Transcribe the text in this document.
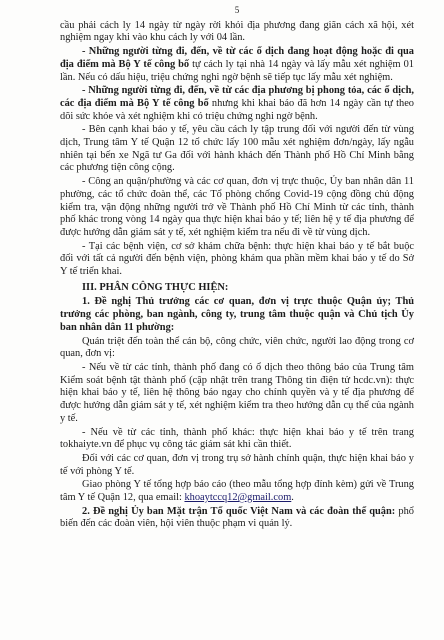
5

cầu phải cách ly 14 ngày từ ngày rời khỏi địa phương đang giãn cách xã hội, xét nghiệm ngay khi vào khu cách ly với 04 lần.

- Những người từng đi, đến, về từ các ổ dịch đang hoạt động hoặc đi qua địa điểm mà Bộ Y tế công bố tự cách ly tại nhà 14 ngày và lấy mẫu xét nghiệm 01 lần. Nếu có dấu hiệu, triệu chứng nghi ngờ bệnh sẽ tiếp tục lấy mẫu xét nghiệm.

- Những người từng đi, đến, về từ các địa phương bị phong tỏa, các ổ dịch, các địa điểm mà Bộ Y tế công bố nhưng khi khai báo đã hơn 14 ngày cần tự theo dõi sức khỏe và xét nghiệm khi có triệu chứng nghi ngờ bệnh.

- Bên cạnh khai báo y tế, yêu cầu cách ly tập trung đối với người đến từ vùng dịch, Trung tâm Y tế Quận 12 tổ chức lấy 100 mẫu xét nghiệm đơn/ngày, lấy ngẫu nhiên tại bến xe Ngã tư Ga đối với hành khách đến Thành phố Hồ Chí Minh bằng các phương tiện công cộng.

- Công an quận/phường và các cơ quan, đơn vị trực thuộc, Ủy ban nhân dân 11 phường, các tổ chức đoàn thể, các Tổ phòng chống Covid-19 cộng đồng chủ động kiểm tra, vận động những người trở về Thành phố Hồ Chí Minh từ các tỉnh, thành phố khác trong vòng 14 ngày qua thực hiện khai báo y tế; liên hệ y tế địa phương để được hướng dẫn giám sát y tế, xét nghiệm kiểm tra nếu đi về từ vùng dịch.

- Tại các bệnh viện, cơ sở khám chữa bệnh: thực hiện khai báo y tế bắt buộc đối với tất cả người đến bệnh viện, phòng khám qua phần mềm khai báo y tế do Sở Y tế triển khai.

III. PHÂN CÔNG THỰC HIỆN:

1. Đề nghị Thủ trưởng các cơ quan, đơn vị trực thuộc Quận ủy; Thủ trưởng các phòng, ban ngành, công ty, trung tâm thuộc quận và Chủ tịch Ủy ban nhân dân 11 phường:

Quán triệt đến toàn thể cán bộ, công chức, viên chức, người lao động trong cơ quan, đơn vị:

- Nếu về từ các tỉnh, thành phố đang có ổ dịch theo thông báo của Trung tâm Kiểm soát bệnh tật thành phố (cập nhật trên trang Thông tin điện tử hcdc.vn): thực hiện khai báo y tế, liên hệ thông báo ngay cho chính quyền và y tế địa phương để được hướng dẫn giám sát y tế, xét nghiệm kiểm tra theo hướng dẫn cụ thể của ngành y tế.

- Nếu về từ các tỉnh, thành phố khác: thực hiện khai báo y tế trên trang tokhaiyte.vn để phục vụ công tác giám sát khi cần thiết.

Đối với các cơ quan, đơn vị trong trụ sở hành chính quận, thực hiện khai báo y tế với phòng Y tế.

Giao phòng Y tế tổng hợp báo cáo (theo mẫu tổng hợp đính kèm) gửi về Trung tâm Y tế Quận 12, qua email: khoaytccq12@gmail.com.

2. Đề nghị Ủy ban Mặt trận Tổ quốc Việt Nam và các đoàn thể quận: phổ biến đến các đoàn viên, hội viên thuộc phạm vi quản lý.
